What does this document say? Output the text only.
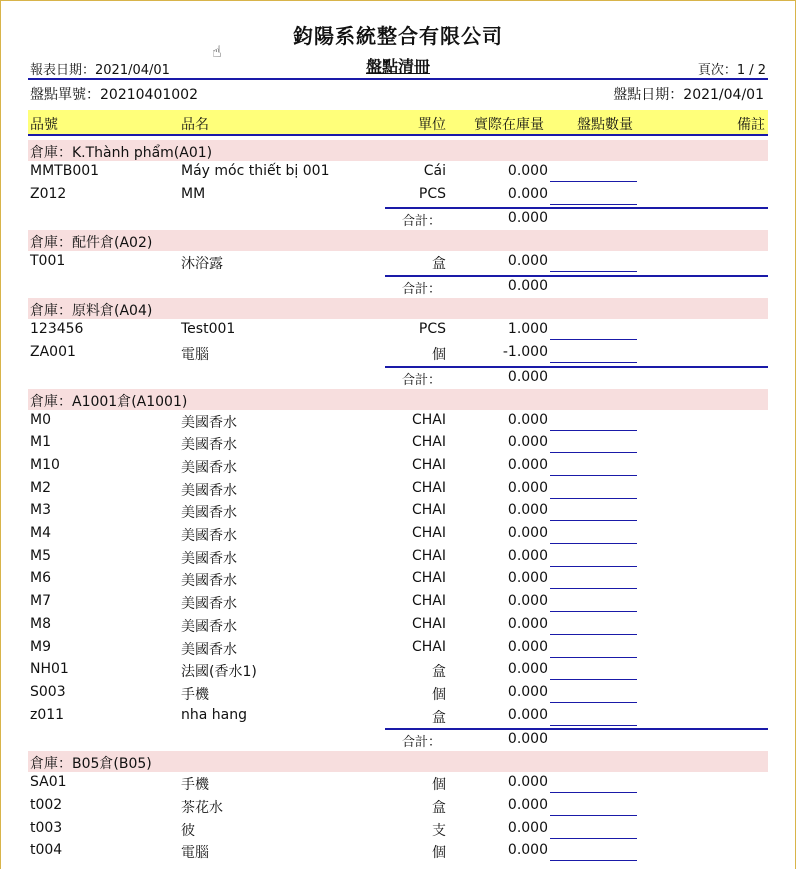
鈞陽系統整合有限公司
☝
報表日期：2021/04/01	盤點清冊	頁次：1 / 2
盤點單號：20210401002	盤點日期：2021/04/01
品號	品名	單位 實際在庫量 盤點數量	備註
倉庫：K.Thành phẩm(A01)
MMTB001	Máy móc thiết bị 001	Cái	0.000
Z012	MM	PCS	0.000
合計：	0.000
倉庫：配件倉(A02)
T001	沐浴露	盒	0.000
合計：	0.000
倉庫：原料倉(A04)
123456	Test001	PCS	1.000
ZA001	電腦	個	-1.000
合計：	0.000
倉庫：A1001倉(A1001)
M0	美國香水	CHAI	0.000
M1	美國香水	CHAI	0.000
M10	美國香水	CHAI	0.000
M2	美國香水	CHAI	0.000
M3	美國香水	CHAI	0.000
M4	美國香水	CHAI	0.000
M5	美國香水	CHAI	0.000
M6	美國香水	CHAI	0.000
M7	美國香水	CHAI	0.000
M8	美國香水	CHAI	0.000
M9	美國香水	CHAI	0.000
NH01	法國(香水1)	盒	0.000
S003	手機	個	0.000
z011	nha hang	盒	0.000
合計：	0.000
倉庫：B05倉(B05)
SA01	手機	個	0.000
t002	茶花水	盒	0.000
t003	彼	支	0.000
t004	電腦	個	0.000
